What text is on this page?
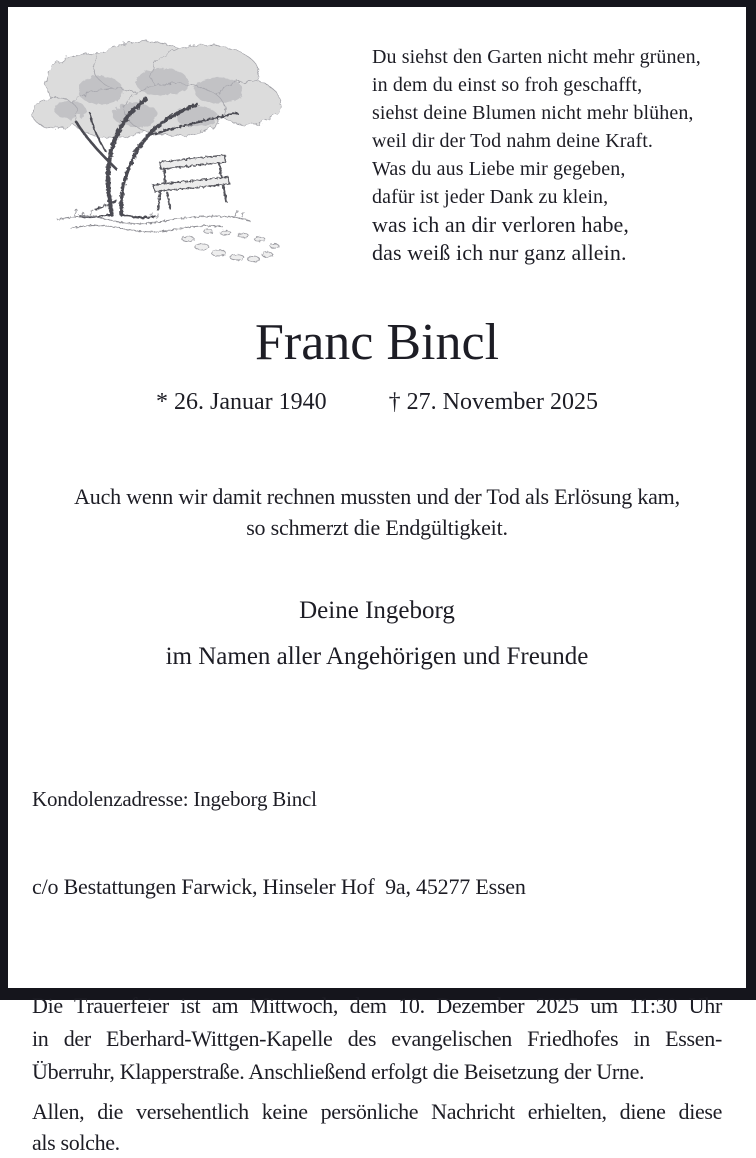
Du siehst den Garten nicht mehr grünen,
in dem du einst so froh geschafft,
siehst deine Blumen nicht mehr blühen,
weil dir der Tod nahm deine Kraft.
Was du aus Liebe mir gegeben,
dafür ist jeder Dank zu klein,
was ich an dir verloren habe,
das weiß ich nur ganz allein.
Franc Bincl
* 26. Januar 1940	† 27. November 2025
Auch wenn wir damit rechnen mussten und der Tod als Erlösung kam,
so schmerzt die Endgültigkeit.
Deine Ingeborg
im Namen aller Angehörigen und Freunde

Kondolenzadresse: Ingeborg Bincl

c/o Bestattungen Farwick, Hinseler Hof  9a, 45277 Essen

Die Trauerfeier ist am Mittwoch, dem 10. Dezember 2025 um 11:30 Uhr
in der Eberhard-Wittgen-Kapelle des evangelischen Friedhofes in Essen-
Überruhr, Klapperstraße. Anschließend erfolgt die Beisetzung der Urne.
Allen, die versehentlich keine persönliche Nachricht erhielten, diene diese
als solche.
